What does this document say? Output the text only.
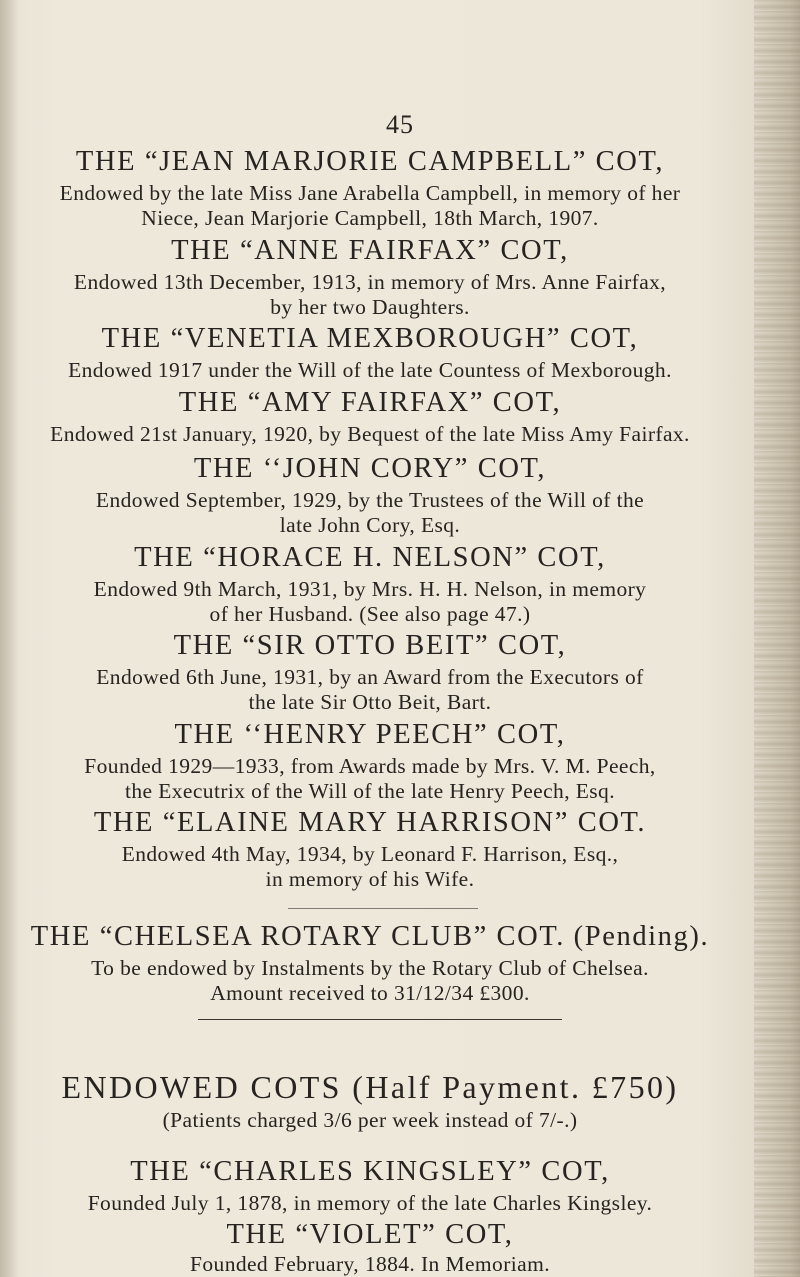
45
THE “JEAN MARJORIE CAMPBELL” COT,
Endowed by the late Miss Jane Arabella Campbell, in memory of her
Niece, Jean Marjorie Campbell, 18th March, 1907.
THE “ANNE FAIRFAX” COT,
Endowed 13th December, 1913, in memory of Mrs. Anne Fairfax,
by her two Daughters.
THE “VENETIA MEXBOROUGH” COT,
Endowed 1917 under the Will of the late Countess of Mexborough.
THE “AMY FAIRFAX” COT,
Endowed 21st January, 1920, by Bequest of the late Miss Amy Fairfax.
THE ‘‘JOHN CORY” COT,
Endowed September, 1929, by the Trustees of the Will of the
late John Cory, Esq.
THE “HORACE H. NELSON” COT,
Endowed 9th March, 1931, by Mrs. H. H. Nelson, in memory
of her Husband. (See also page 47.)
THE “SIR OTTO BEIT” COT,
Endowed 6th June, 1931, by an Award from the Executors of
the late Sir Otto Beit, Bart.
THE ‘‘HENRY PEECH” COT,
Founded 1929—1933, from Awards made by Mrs. V. M. Peech,
the Executrix of the Will of the late Henry Peech, Esq.
THE “ELAINE MARY HARRISON” COT.
Endowed 4th May, 1934, by Leonard F. Harrison, Esq.,
in memory of his Wife.
THE “CHELSEA ROTARY CLUB” COT. (Pending).
To be endowed by Instalments by the Rotary Club of Chelsea.
Amount received to 31/12/34 £300.
ENDOWED COTS (Half Payment. £750)
(Patients charged 3/6 per week instead of 7/-.)
THE “CHARLES KINGSLEY” COT,
Founded July 1, 1878, in memory of the late Charles Kingsley.
THE “VIOLET” COT,
Founded February, 1884. In Memoriam.
